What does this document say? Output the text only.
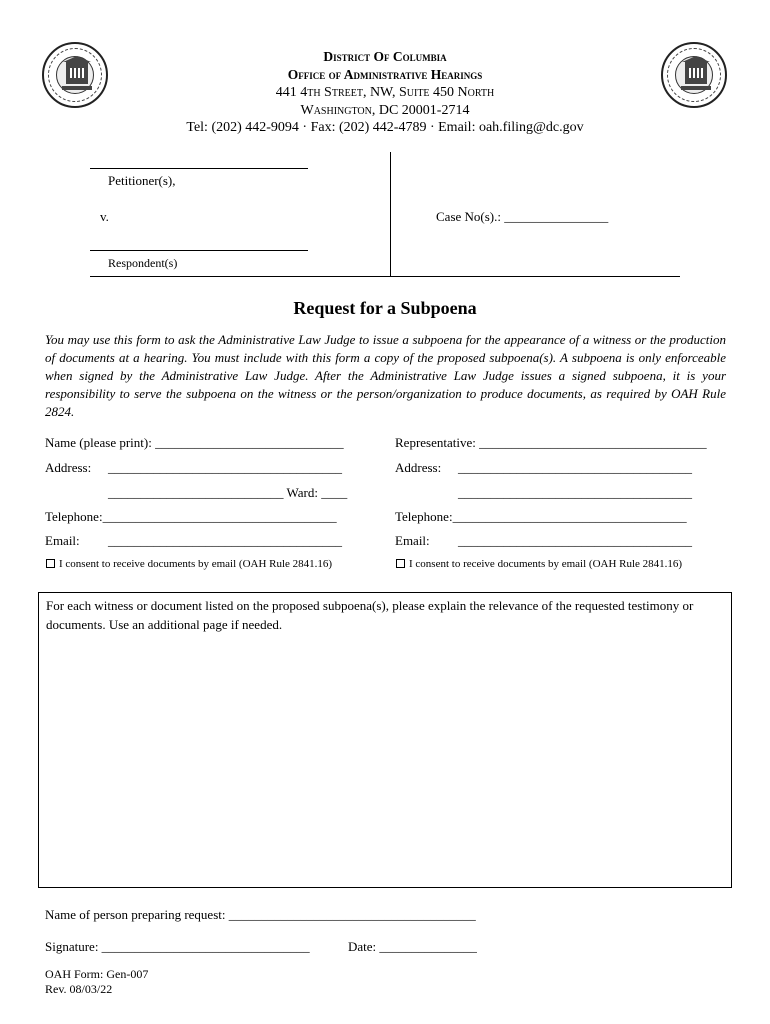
District Of Columbia
Office of Administrative Hearings
441 4th Street, NW, Suite 450 North
Washington, DC 20001-2714
Tel: (202) 442-9094 · Fax: (202) 442-4789 · Email: oah.filing@dc.gov
Petitioner(s),
v.
Respondent(s)
Case No(s).: ________________
Request for a Subpoena
You may use this form to ask the Administrative Law Judge to issue a subpoena for the appearance of a witness or the production of documents at a hearing. You must include with this form a copy of the proposed subpoena(s). A subpoena is only enforceable when signed by the Administrative Law Judge. After the Administrative Law Judge issues a signed subpoena, it is your responsibility to serve the subpoena on the witness or the person/organization to produce documents, as required by OAH Rule 2824.
Name (please print): _____________________________
Address: ____________________________________
___________________________ Ward: ____
Telephone:____________________________________
Email: ____________________________________
I consent to receive documents by email (OAH Rule 2841.16)
Representative: ___________________________________
Address: ____________________________________
____________________________________
Telephone:____________________________________
Email: ____________________________________
I consent to receive documents by email (OAH Rule 2841.16)
For each witness or document listed on the proposed subpoena(s), please explain the relevance of the requested testimony or documents. Use an additional page if needed.
Name of person preparing request: ______________________________________
Signature: ________________________________	Date: _______________
OAH Form: Gen-007
Rev. 08/03/22
